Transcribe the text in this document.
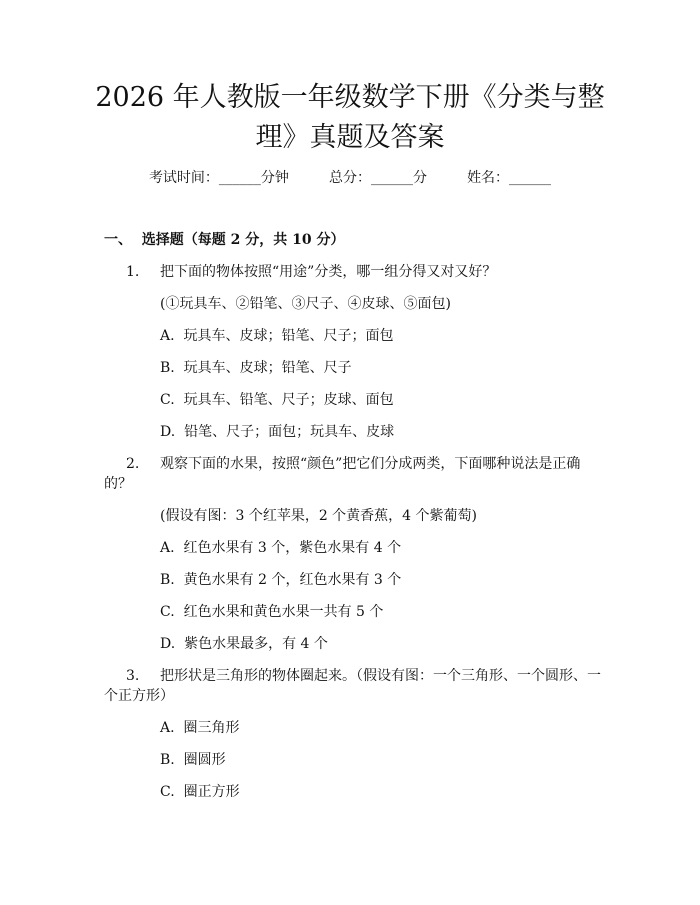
2026 年人教版一年级数学下册《分类与整
理》真题及答案
考试时间：______分钟	总分：______分	姓名：______
一、  选择题（每题 2 分，共 10 分）
1. 把下面的物体按照“用途”分类，哪一组分得又对又好？
(①玩具车、②铅笔、③尺子、④皮球、⑤面包)
A.  玩具车、皮球；铅笔、尺子；面包
B.  玩具车、皮球；铅笔、尺子
C.  玩具车、铅笔、尺子；皮球、面包
D.  铅笔、尺子；面包；玩具车、皮球
2. 观察下面的水果，按照“颜色”把它们分成两类，下面哪种说法是正确
的？
(假设有图：3 个红苹果，2 个黄香蕉，4 个紫葡萄)
A.  红色水果有 3 个，紫色水果有 4 个
B.  黄色水果有 2 个，红色水果有 3 个
C.  红色水果和黄色水果一共有 5 个
D.  紫色水果最多，有 4 个
3. 把形状是三角形的物体圈起来。（假设有图：一个三角形、一个圆形、一
个正方形）
A.  圈三角形
B.  圈圆形
C.  圈正方形
